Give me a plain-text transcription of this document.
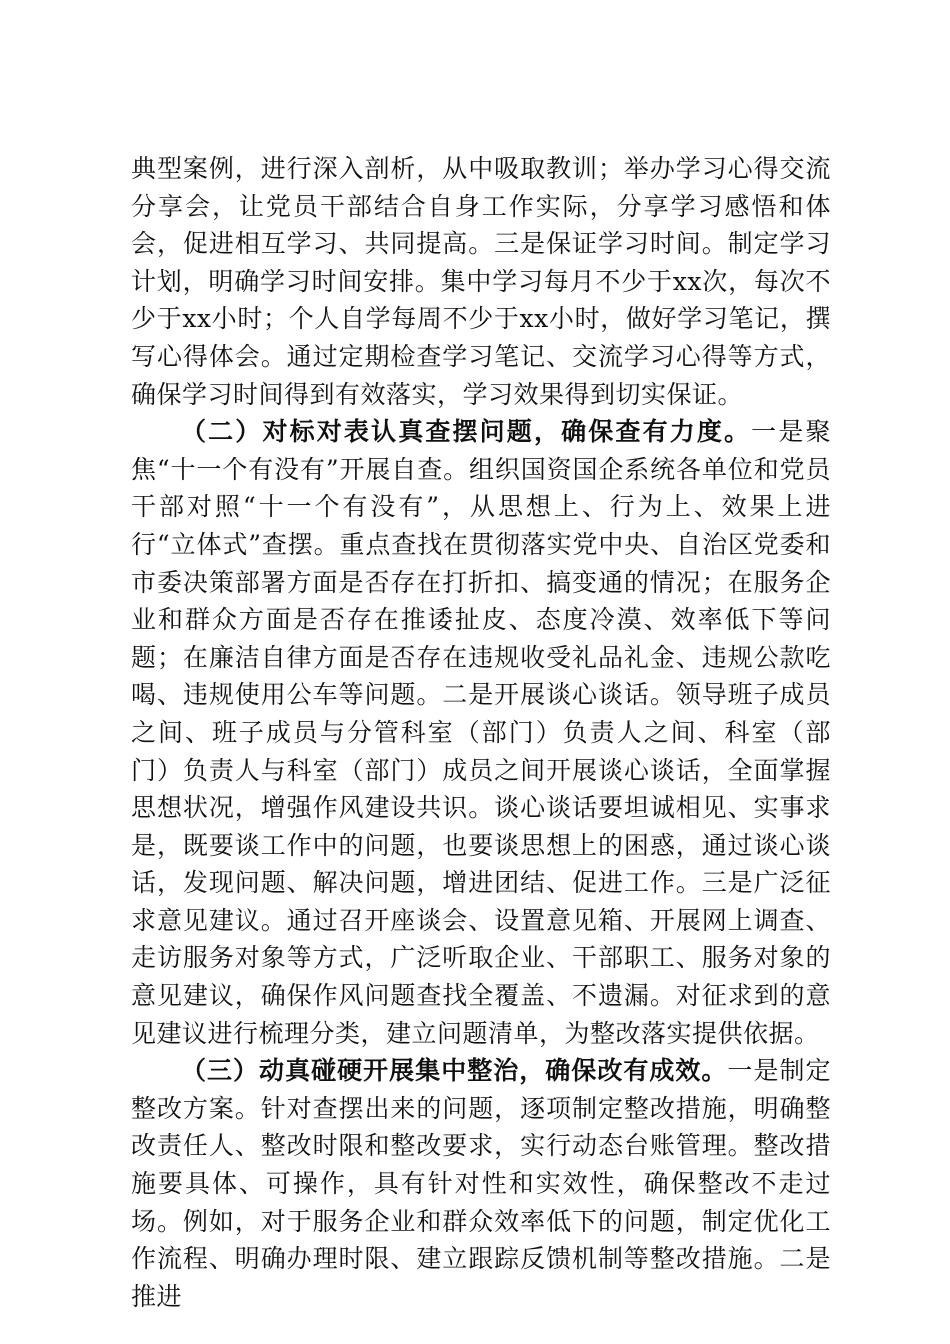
典型案例，进行深入剖析，从中吸取教训；举办学习心得交流分享会，让党员干部结合自身工作实际，分享学习感悟和体会，促进相互学习、共同提高。三是保证学习时间。制定学习计划，明确学习时间安排。集中学习每月不少于xx次，每次不少于xx小时；个人自学每周不少于xx小时，做好学习笔记，撰写心得体会。通过定期检查学习笔记、交流学习心得等方式，确保学习时间得到有效落实，学习效果得到切实保证。

（二）对标对表认真查摆问题，确保查有力度。一是聚焦“十一个有没有”开展自查。组织国资国企系统各单位和党员干部对照“十一个有没有”，从思想上、行为上、效果上进行“立体式”查摆。重点查找在贯彻落实党中央、自治区党委和市委决策部署方面是否存在打折扣、搞变通的情况；在服务企业和群众方面是否存在推诿扯皮、态度冷漠、效率低下等问题；在廉洁自律方面是否存在违规收受礼品礼金、违规公款吃喝、违规使用公车等问题。二是开展谈心谈话。领导班子成员之间、班子成员与分管科室（部门）负责人之间、科室（部门）负责人与科室（部门）成员之间开展谈心谈话，全面掌握思想状况，增强作风建设共识。谈心谈话要坦诚相见、实事求是，既要谈工作中的问题，也要谈思想上的困惑，通过谈心谈话，发现问题、解决问题，增进团结、促进工作。三是广泛征求意见建议。通过召开座谈会、设置意见箱、开展网上调查、走访服务对象等方式，广泛听取企业、干部职工、服务对象的意见建议，确保作风问题查找全覆盖、不遗漏。对征求到的意见建议进行梳理分类，建立问题清单，为整改落实提供依据。

（三）动真碰硬开展集中整治，确保改有成效。一是制定整改方案。针对查摆出来的问题，逐项制定整改措施，明确整改责任人、整改时限和整改要求，实行动态台账管理。整改措施要具体、可操作，具有针对性和实效性，确保整改不走过场。例如，对于服务企业和群众效率低下的问题，制定优化工作流程、明确办理时限、建立跟踪反馈机制等整改措施。二是推进
